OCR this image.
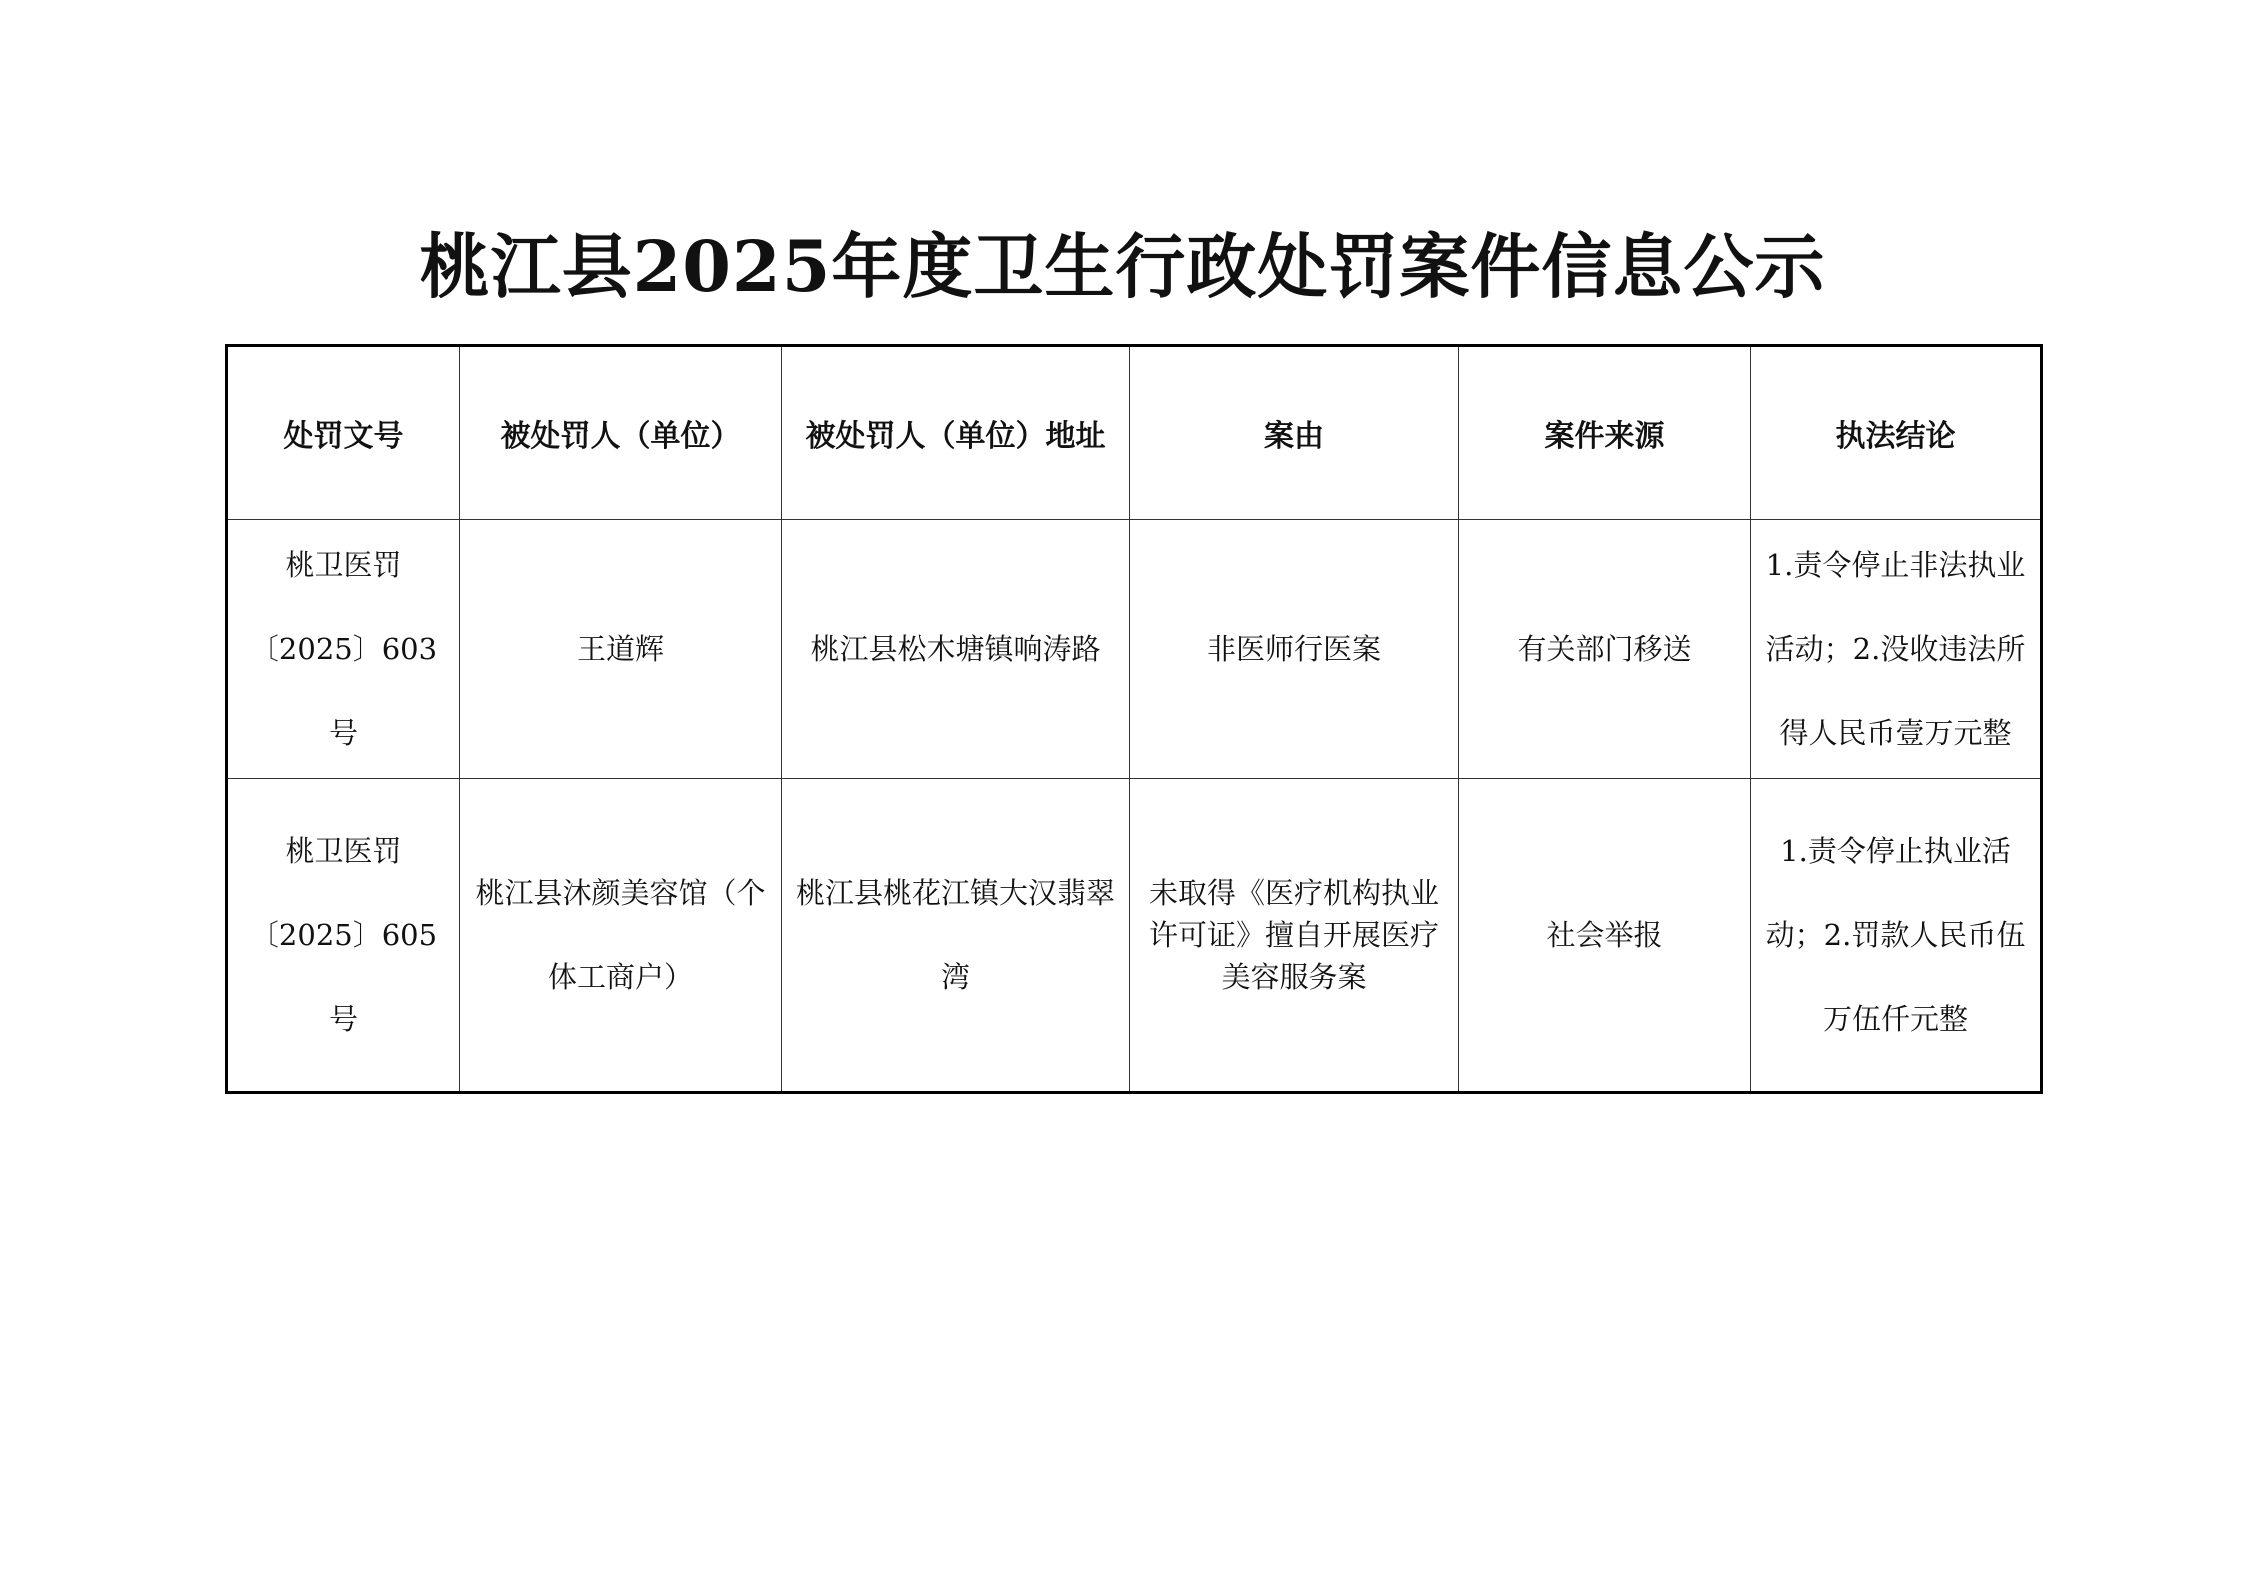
桃江县2025年度卫生行政处罚案件信息公示
处罚文号	被处罚人（单位）	被处罚人（单位）地址	案由	案件来源	执法结论
桃卫医罚〔2025〕603号	王道辉	桃江县松木塘镇响涛路	非医师行医案	有关部门移送	1.责令停止非法执业活动；2.没收违法所得人民币壹万元整
桃卫医罚〔2025〕605号	桃江县沐颜美容馆（个体工商户）	桃江县桃花江镇大汉翡翠湾	未取得《医疗机构执业许可证》擅自开展医疗美容服务案	社会举报	1.责令停止执业活动；2.罚款人民币伍万伍仟元整
